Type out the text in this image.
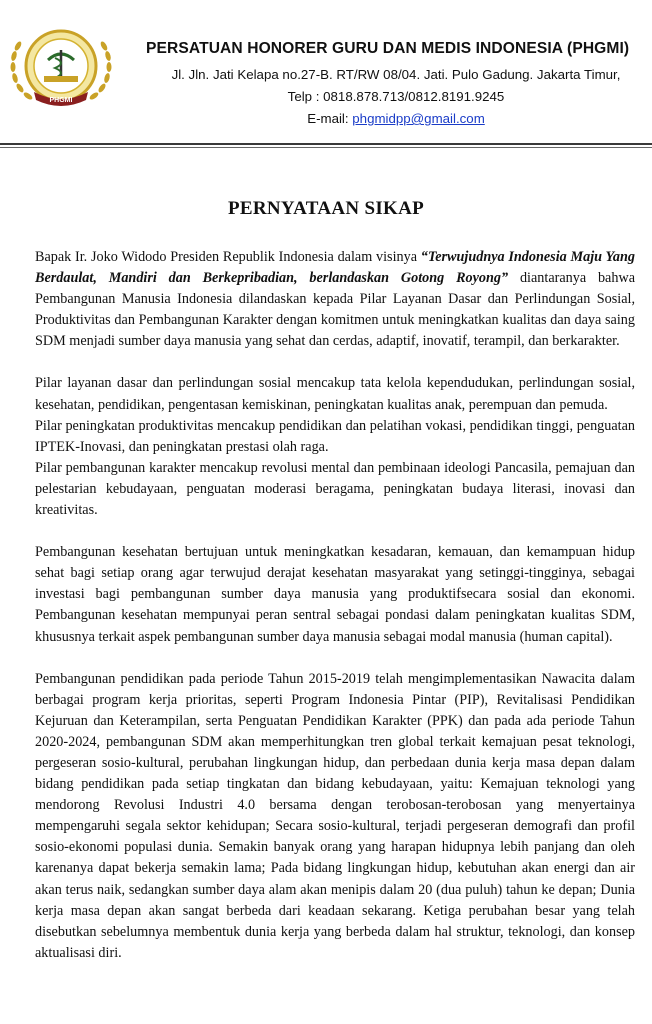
PHGMI
PERSATUAN HONORER GURU DAN MEDIS INDONESIA (PHGMI)
Jl. Jln. Jati Kelapa no.27-B. RT/RW 08/04. Jati. Pulo Gadung. Jakarta Timur,
Telp : 0818.878.713/0812.8191.9245
E-mail: phgmidpp@gmail.com
PERNYATAAN SIKAP

Bapak Ir. Joko Widodo Presiden Republik Indonesia dalam visinya “Terwujudnya Indonesia Maju Yang Berdaulat, Mandiri dan Berkepribadian, berlandaskan Gotong Royong” diantaranya bahwa Pembangunan Manusia Indonesia dilandaskan kepada Pilar Layanan Dasar dan Perlindungan Sosial, Produktivitas dan Pembangunan Karakter dengan komitmen untuk meningkatkan kualitas dan daya saing SDM menjadi sumber daya manusia yang sehat dan cerdas, adaptif, inovatif, terampil, dan berkarakter.

Pilar layanan dasar dan perlindungan sosial mencakup tata kelola kependudukan, perlindungan sosial, kesehatan, pendidikan, pengentasan kemiskinan, peningkatan kualitas anak, perempuan dan pemuda.

Pilar peningkatan produktivitas mencakup pendidikan dan pelatihan vokasi, pendidikan tinggi, penguatan IPTEK-Inovasi, dan peningkatan prestasi olah raga.

Pilar pembangunan karakter mencakup revolusi mental dan pembinaan ideologi Pancasila, pemajuan dan pelestarian kebudayaan, penguatan moderasi beragama, peningkatan budaya literasi, inovasi dan kreativitas.

Pembangunan kesehatan bertujuan untuk meningkatkan kesadaran, kemauan, dan kemampuan hidup sehat bagi setiap orang agar terwujud derajat kesehatan masyarakat yang setinggi-tingginya, sebagai investasi bagi pembangunan sumber daya manusia yang produktifsecara sosial dan ekonomi. Pembangunan kesehatan mempunyai peran sentral sebagai pondasi dalam peningkatan kualitas SDM, khususnya terkait aspek pembangunan sumber daya manusia sebagai modal manusia (human capital).

Pembangunan pendidikan pada periode Tahun 2015-2019 telah mengimplementasikan Nawacita dalam berbagai program kerja prioritas, seperti Program Indonesia Pintar (PIP), Revitalisasi Pendidikan Kejuruan dan Keterampilan, serta Penguatan Pendidikan Karakter (PPK) dan pada ada periode Tahun 2020-2024, pembangunan SDM akan memperhitungkan tren global terkait kemajuan pesat teknologi, pergeseran sosio-kultural, perubahan lingkungan hidup, dan perbedaan dunia kerja masa depan dalam bidang pendidikan pada setiap tingkatan dan bidang kebudayaan, yaitu: Kemajuan teknologi yang mendorong Revolusi Industri 4.0 bersama dengan terobosan-terobosan yang menyertainya mempengaruhi segala sektor kehidupan; Secara sosio-kultural, terjadi pergeseran demografi dan profil sosio-ekonomi populasi dunia. Semakin banyak orang yang harapan hidupnya lebih panjang dan oleh karenanya dapat bekerja semakin lama; Pada bidang lingkungan hidup, kebutuhan akan energi dan air akan terus naik, sedangkan sumber daya alam akan menipis dalam 20 (dua puluh) tahun ke depan; Dunia kerja masa depan akan sangat berbeda dari keadaan sekarang. Ketiga perubahan besar yang telah disebutkan sebelumnya membentuk dunia kerja yang berbeda dalam hal struktur, teknologi, dan konsep aktualisasi diri.
